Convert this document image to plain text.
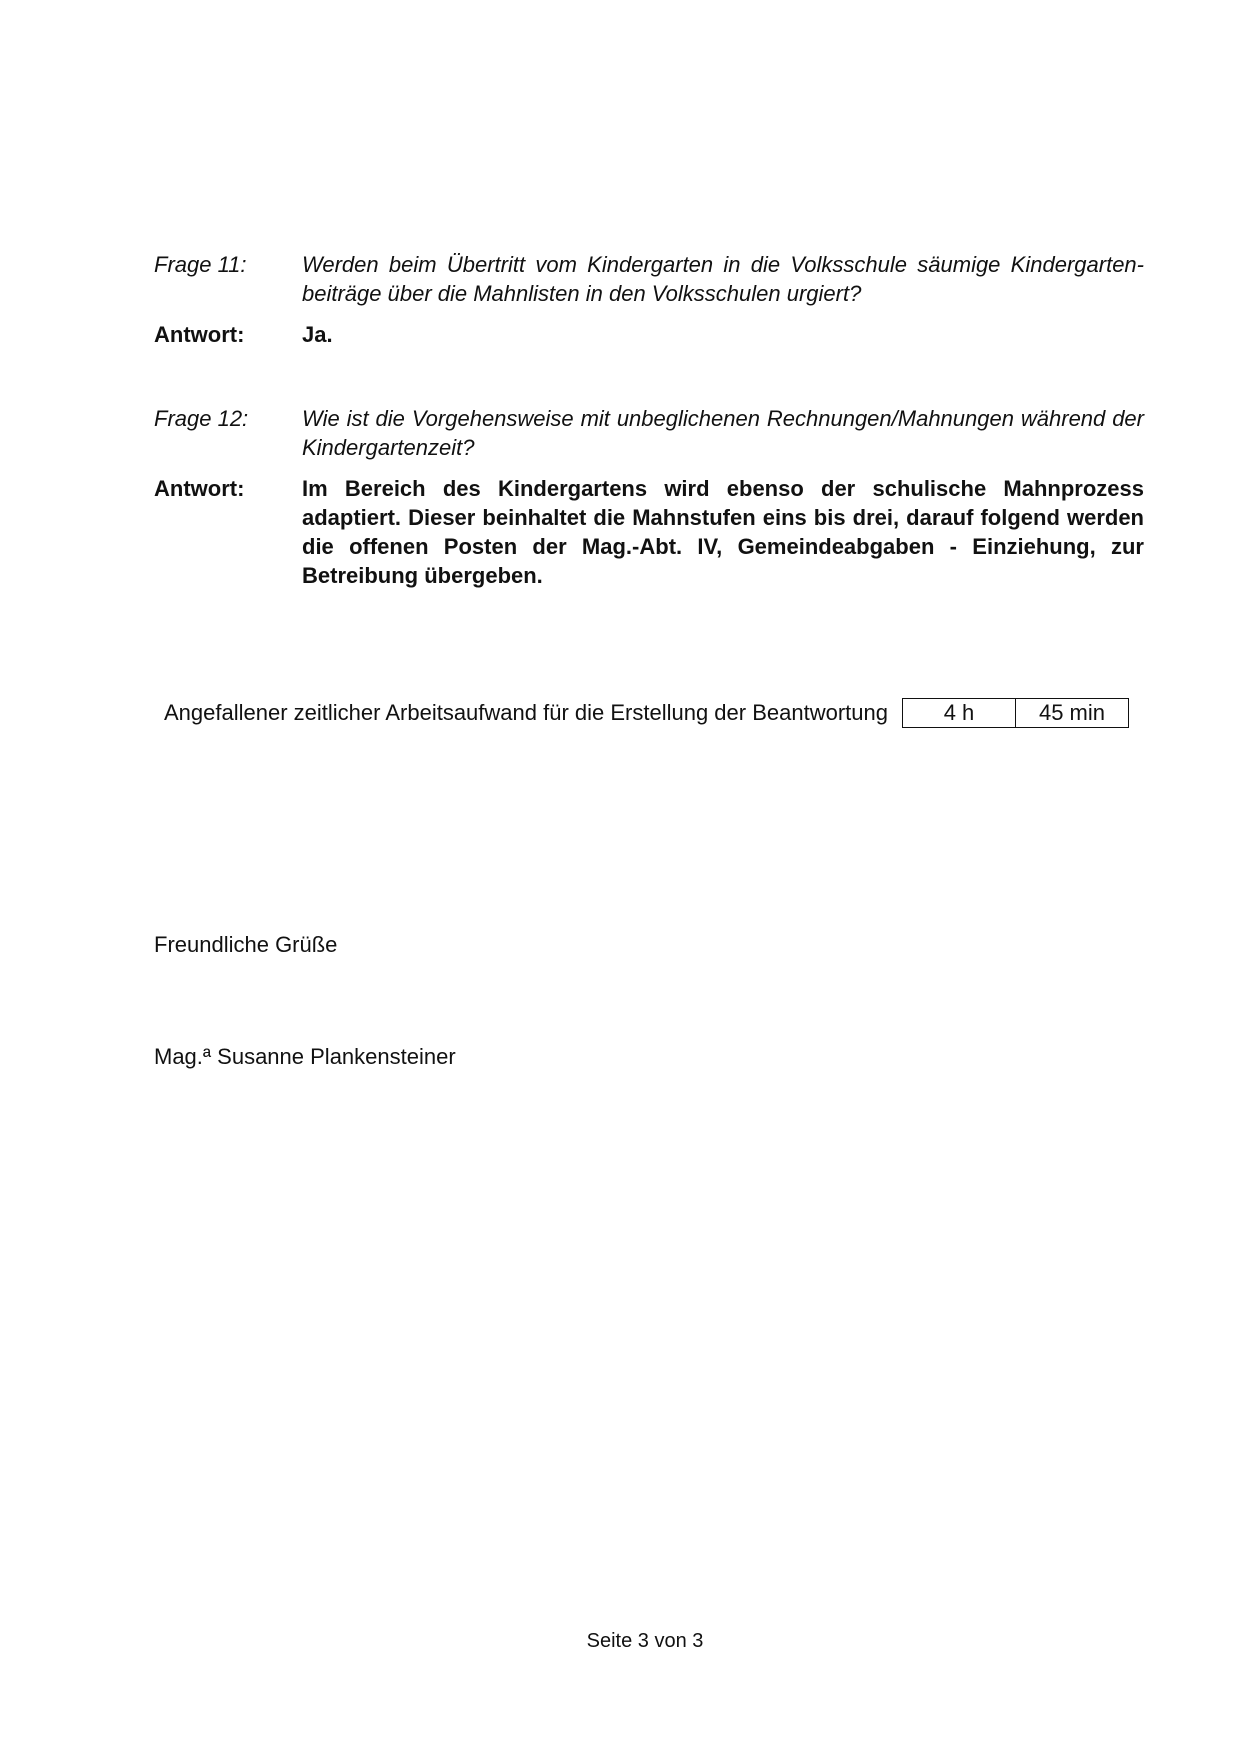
Frage 11:	Werden beim Übertritt vom Kindergarten in die Volksschule säumige Kindergartenbeiträge über die Mahnlisten in den Volksschulen urgiert?
Antwort:	Ja.
Frage 12:	Wie ist die Vorgehensweise mit unbeglichenen Rechnungen/Mahnungen während der Kindergartenzeit?
Antwort:	Im Bereich des Kindergartens wird ebenso der schulische Mahnprozess adaptiert. Dieser beinhaltet die Mahnstufen eins bis drei, darauf folgend werden die offenen Posten der Mag.-Abt. IV, Gemeindeabgaben - Einziehung, zur Betreibung übergeben.
Angefallener zeitlicher Arbeitsaufwand für die Erstellung der Beantwortung	4 h	45 min
Freundliche Grüße
Mag.ª Susanne Plankensteiner
Seite 3 von 3
